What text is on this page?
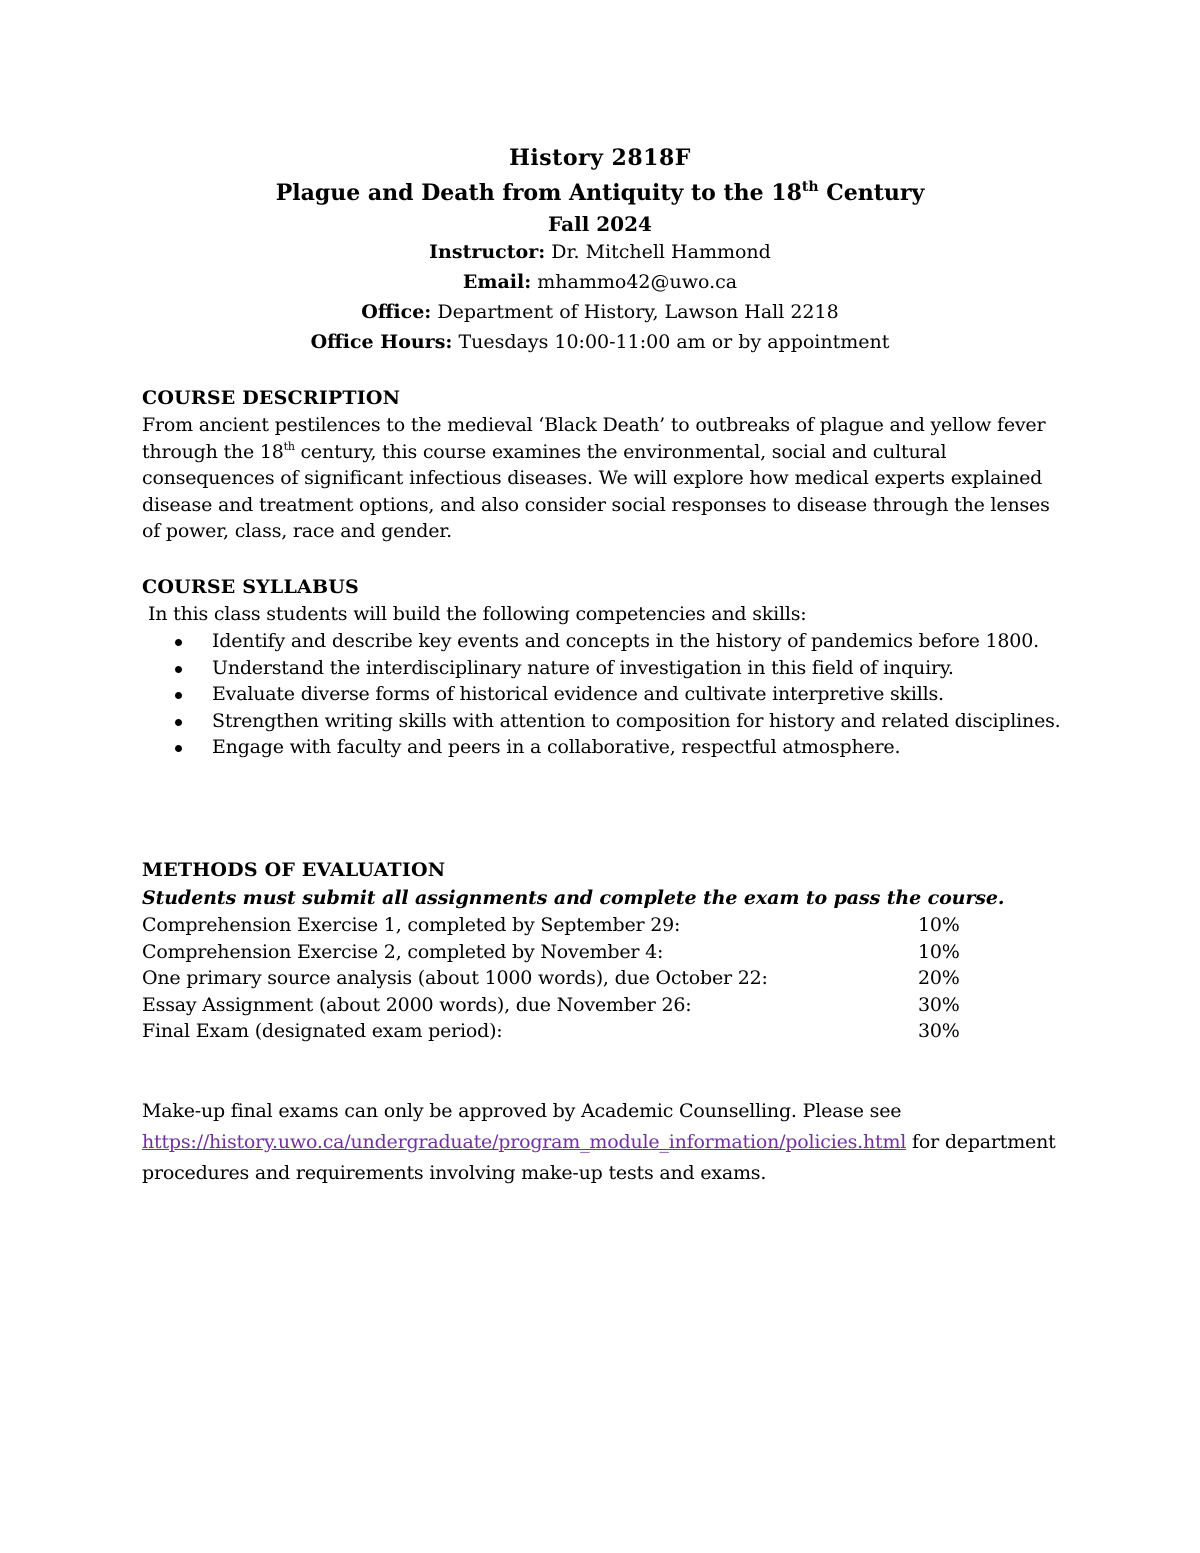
History 2818F
Plague and Death from Antiquity to the 18th Century
Fall 2024
Instructor: Dr. Mitchell Hammond
Email: mhammo42@uwo.ca
Office: Department of History, Lawson Hall 2218
Office Hours: Tuesdays 10:00-11:00 am or by appointment
COURSE DESCRIPTION
From ancient pestilences to the medieval ‘Black Death’ to outbreaks of plague and yellow fever through the 18th century, this course examines the environmental, social and cultural consequences of significant infectious diseases. We will explore how medical experts explained disease and treatment options, and also consider social responses to disease through the lenses of power, class, race and gender.
COURSE SYLLABUS
In this class students will build the following competencies and skills:
Identify and describe key events and concepts in the history of pandemics before 1800.
Understand the interdisciplinary nature of investigation in this field of inquiry.
Evaluate diverse forms of historical evidence and cultivate interpretive skills.
Strengthen writing skills with attention to composition for history and related disciplines.
Engage with faculty and peers in a collaborative, respectful atmosphere.
METHODS OF EVALUATION
Students must submit all assignments and complete the exam to pass the course.
Comprehension Exercise 1, completed by September 29:	10%
Comprehension Exercise 2, completed by November 4:	10%
One primary source analysis (about 1000 words), due October 22:	20%
Essay Assignment (about 2000 words), due November 26:	30%
Final Exam (designated exam period):	30%
Make-up final exams can only be approved by Academic Counselling. Please see https://history.uwo.ca/undergraduate/program_module_information/policies.html for department procedures and requirements involving make-up tests and exams.
